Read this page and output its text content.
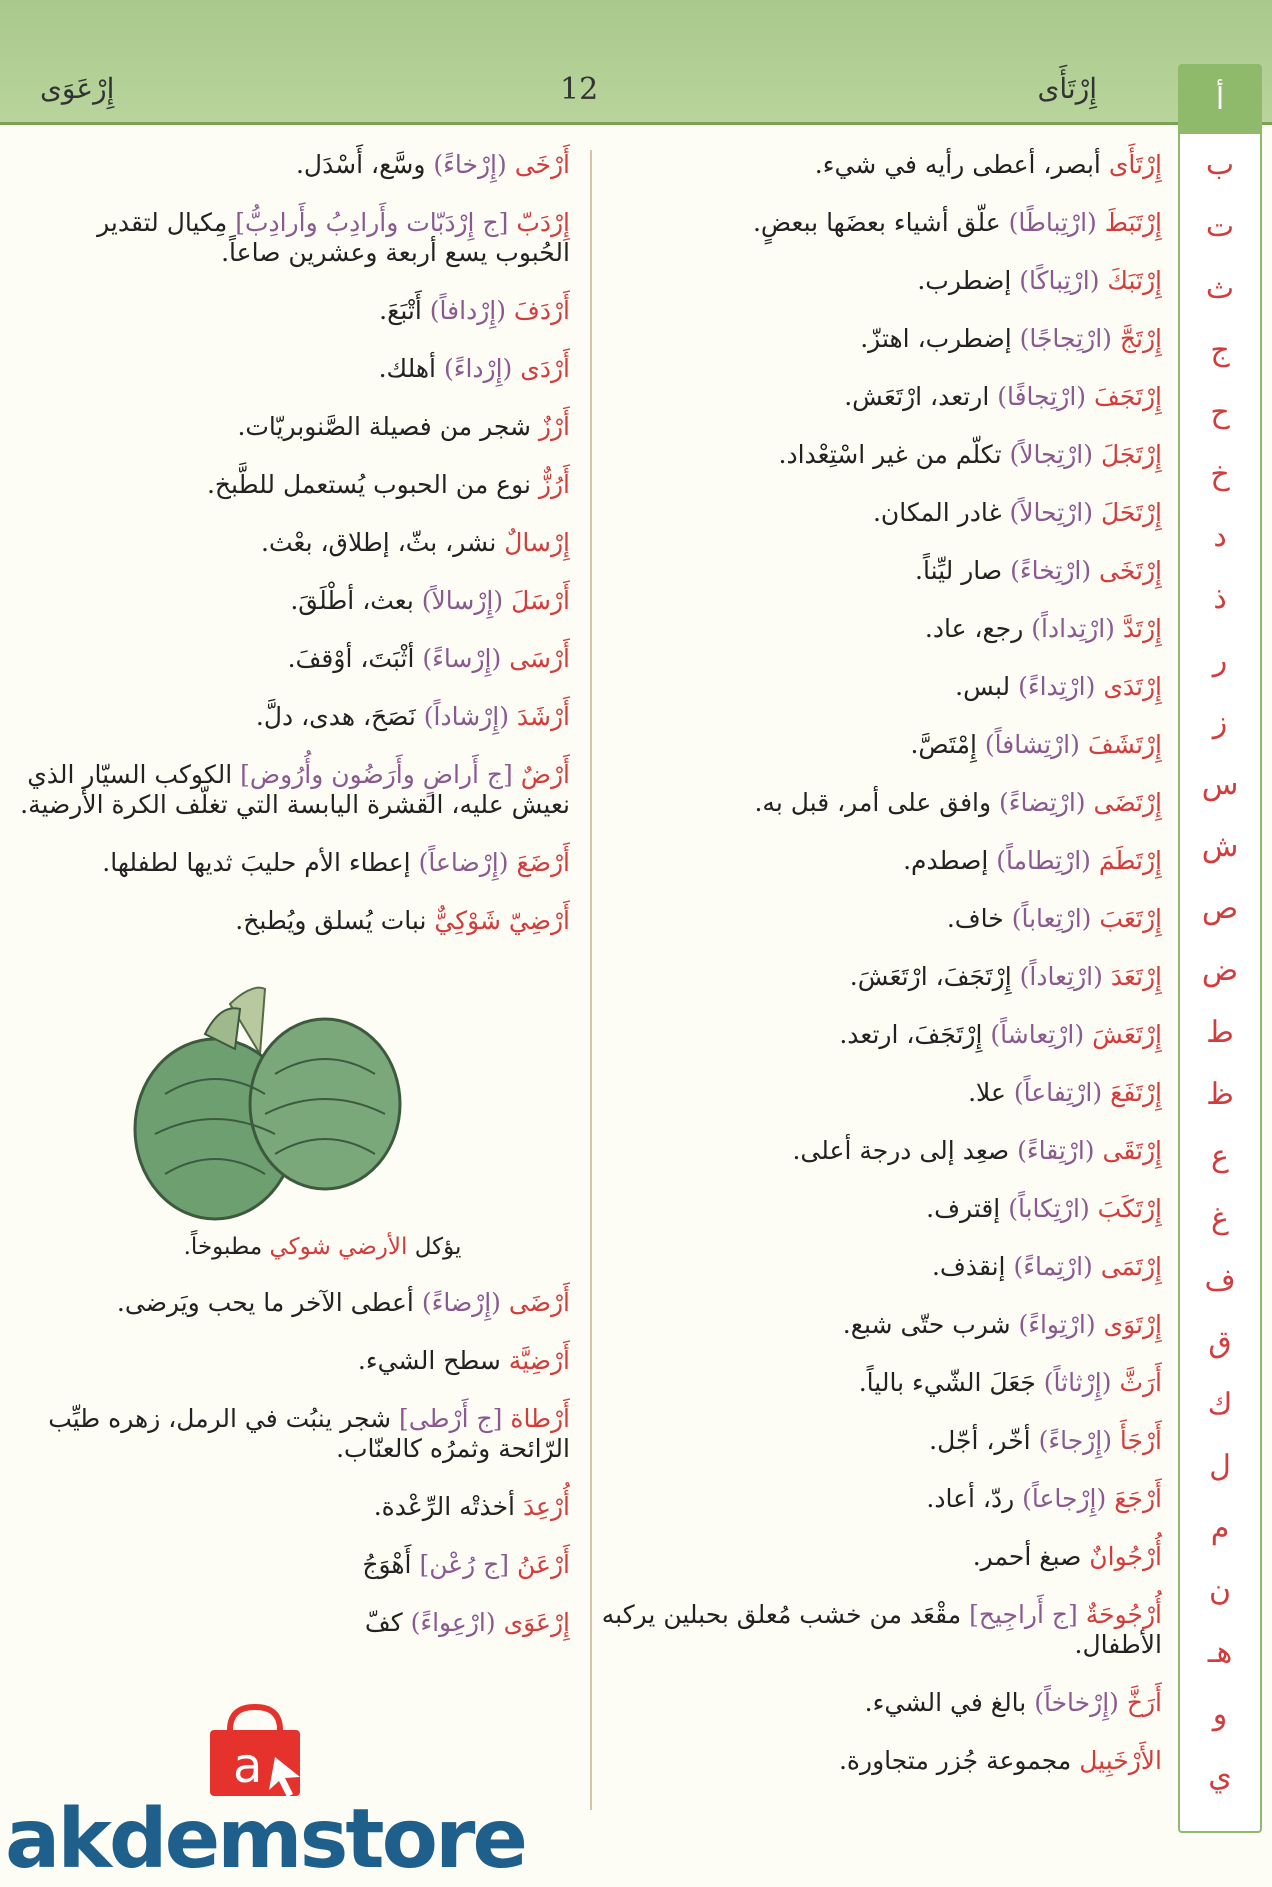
إِرْتَأَى
12
إِرْعَوَى	أ
ب
ت
ث
ج
ح
خ
د
ذ
ر
ز
س
ش
ص
ض
ط
ظ
ع
غ
ف
ق
ك
ل
م
ن
هـ
و
ي
إِرْتَأَى أبصر، أعطى رأيه في شيء.
إِرْتَبَطَ (ارْتِباطًا) علّق أشياء بعضَها ببعضٍ.
إِرْتَبَكَ (ارْتِباكًا) إضطرب.
إِرْتَجَّ (ارْتِجاجًا) إضطرب، اهتزّ.
إِرْتَجَفَ (ارْتِجافًا) ارتعد، ارْتَعَش.
إِرْتَجَلَ (ارْتِجالاً) تكلّم من غير اسْتِعْداد.
إِرْتَحَلَ (ارْتِحالاً) غادر المكان.
إِرْتَخَى (ارْتِخاءً) صار ليِّناً.
إِرْتَدَّ (ارْتِداداً) رجع، عاد.
إِرْتَدَى (ارْتِداءً) لبس.
إِرْتَشَفَ (ارْتِشافاً) إِمْتَصَّ.
إِرْتَضَى (ارْتِضاءً) وافق على أمر، قبل به.
إِرْتَطَمَ (ارْتِطاماً) إصطدم.
إِرْتَعَبَ (ارْتِعاباً) خاف.
إِرْتَعَدَ (ارْتِعاداً) إِرْتَجَفَ، ارْتَعَشَ.
إِرْتَعَشَ (ارْتِعاشاً) إِرْتَجَفَ، ارتعد.
إِرْتَفَعَ (ارْتِفاعاً) علا.
إِرْتَقَى (ارْتِقاءً) صعِد إلى درجة أعلى.
إِرْتَكَبَ (ارْتِكاباً) إقترف.
إِرْتَمَى (ارْتِماءً) إنقذف.
إِرْتَوَى (ارْتِواءً) شرب حتّى شبع.
أَرَثَّ (إِرْثاثاً) جَعَلَ الشّيء بالياً.
أَرْجَأَ (إِرْجاءً) أخّر، أجّل.
أَرْجَعَ (إِرْجاعاً) ردّ، أعاد.
أُرْجُوانٌ صبغ أحمر.
أُرْجُوحَةٌ [ج أَراجِيح] مقْعَد من خشب مُعلق بحبلين يركبه الأطفال.
أَرَخَّ (إِرْخاخاً) بالغ في الشيء.
الأَرْخَبِيل مجموعة جُزر متجاورة.
أَرْخَى (إِرْخاءً) وسَّع، أَسْدَل.
إِرْدَبّ [ج إِرْدَبّات وأَرادِبُ وأَرادِبُّ] مِكيال لتقدير الحُبوب يسع أربعة وعشرين صاعاً.
أَرْدَفَ (إِرْدافاً) أَتْبَعَ.
أَرْدَى (إِرْداءً) أهلك.
أَرْزٌ شجر من فصيلة الصَّنوبريّات.
أَرُزٌّ نوع من الحبوب يُستعمل للطَّبخ.
إِرْسالٌ نشر، بثّ، إطلاق، بعْث.
أَرْسَلَ (إِرْسالاً) بعث، أطْلَقَ.
أَرْسَى (إِرْساءً) أثْبَتَ، أوْقفَ.
أَرْشَدَ (إِرْشاداً) نَصَحَ، هدى، دلَّ.
أَرْضٌ [ج أَراضٍ وأَرَضُون وأُرُوض] الكوكب السيّار الذي نعيش عليه، القشرة اليابسة التي تغلّف الكرة الأرضية.
أَرْضَعَ (إِرْضاعاً) إعطاء الأم حليبَ ثديها لطفلها.
أَرْضِيّ شَوْكِيٌّ نبات يُسلق ويُطبخ.
يؤكل الأرضي شوكي مطبوخاً.
أَرْضَى (إِرْضاءً) أعطى الآخر ما يحب ويَرضى.
أَرْضِيَّة سطح الشيء.
أَرْطاة [ج أَرْطى] شجر ينبُت في الرمل، زهره طيِّب الرّائحة وثمرُه كالعنّاب.
أُرْعِدَ أخذتْه الرِّعْدة.
أَرْعَنُ [ج رُعْن] أَهْوَجُ
إِرْعَوَى (ارْعِواءً) كفّ
a
akdemstore
